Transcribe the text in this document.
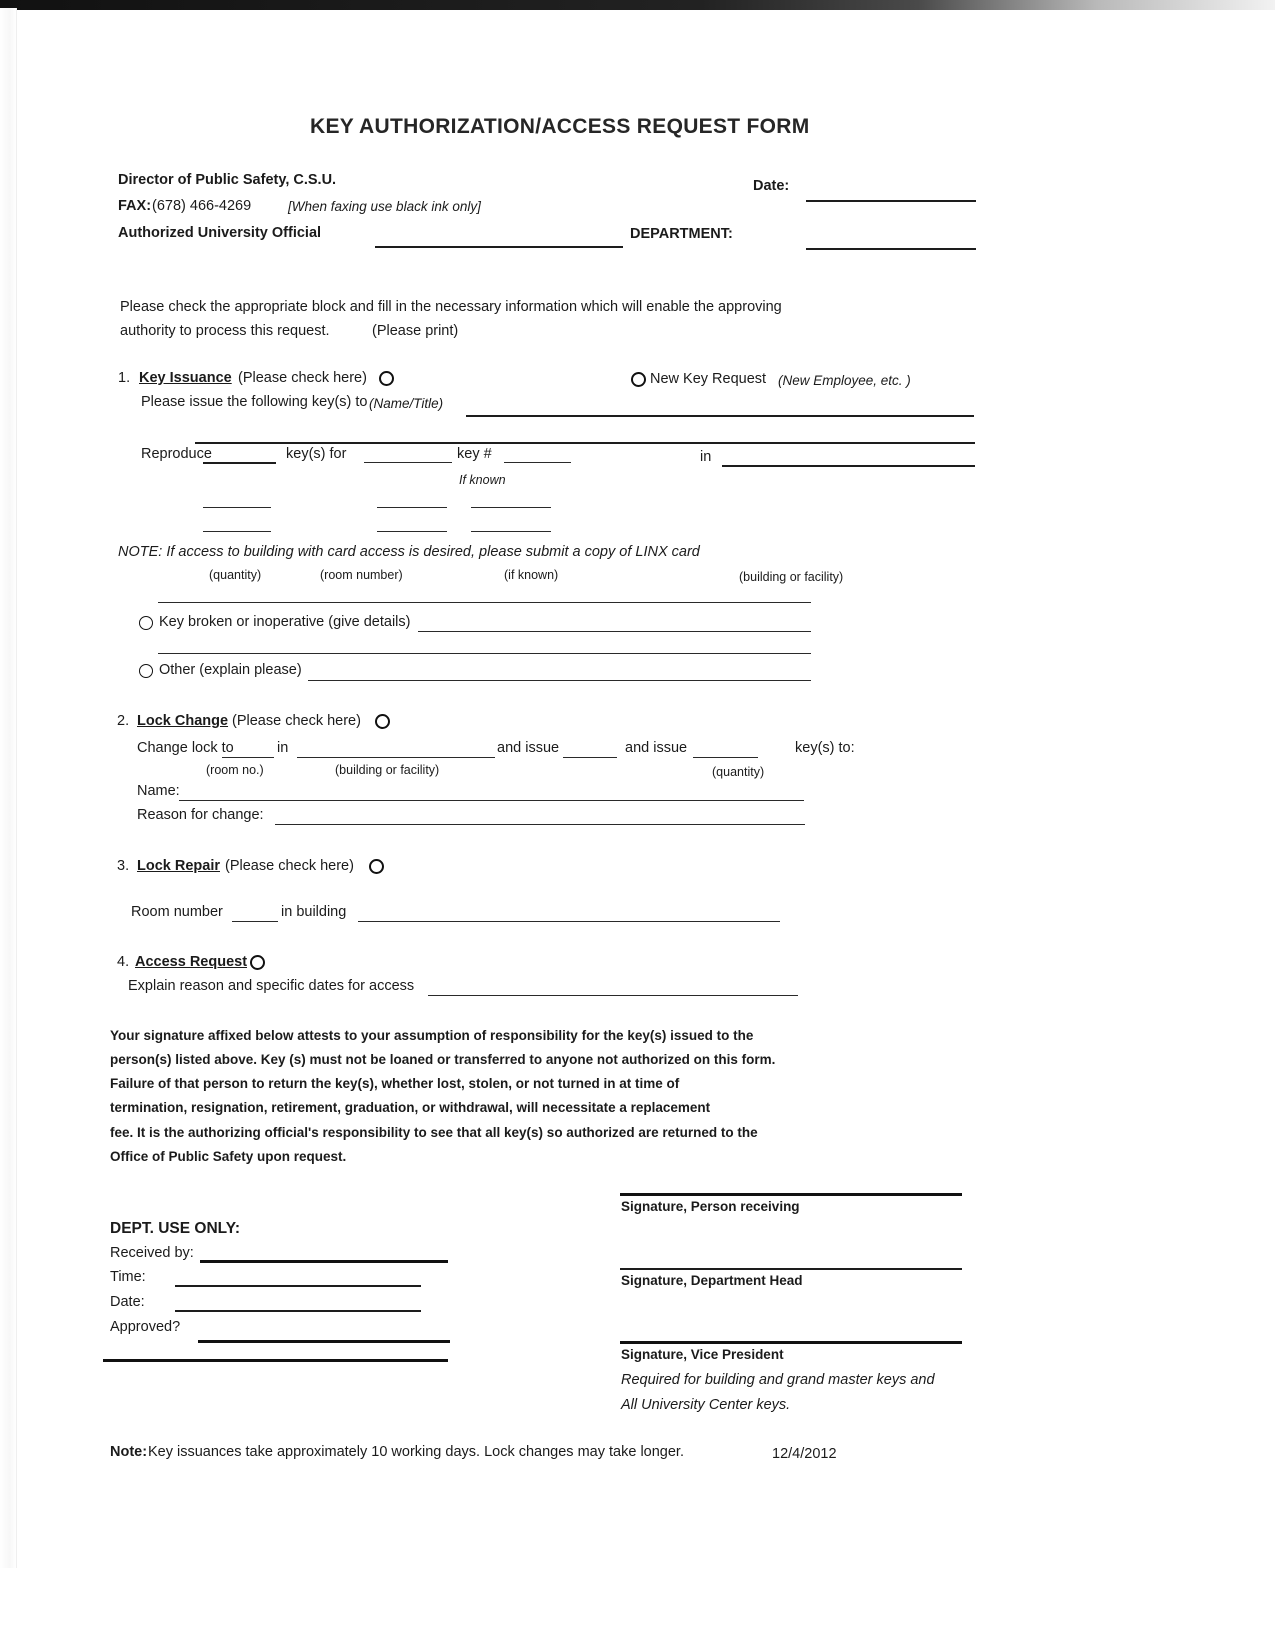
KEY AUTHORIZATION/ACCESS REQUEST FORM
Director of Public Safety, C.S.U.
FAX: (678) 466-4269	[When faxing use black ink only]
Authorized University Official
Date:
DEPARTMENT:
Please check the appropriate block and fill in the necessary information which will enable the approving
authority to process this request.	(Please print)
1. Key Issuance (Please check here)	New Key Request (New Employee, etc. )
Please issue the following key(s) to (Name/Title)
Reproduce	key(s) for	key #	in
If known
NOTE: If access to building with card access is desired, please submit a copy of LINX card
(quantity)	(room number)	(if known)	(building or facility)
Key broken or inoperative (give details)
Other (explain please)
2. Lock Change (Please check here)
Change lock to	in	and issue	and issue	key(s) to:
(room no.)	(building or facility)	(quantity)
Name:
Reason for change:
3. Lock Repair (Please check here)
Room number	in building
4. Access Request
Explain reason and specific dates for access
Your signature affixed below attests to your assumption of responsibility for the key(s) issued to the
person(s) listed above. Key (s) must not be loaned or transferred to anyone not authorized on this form.
Failure of that person to return the key(s), whether lost, stolen, or not turned in at time of
termination, resignation, retirement, graduation, or withdrawal, will necessitate a replacement
fee. It is the authorizing official's responsibility to see that all key(s) so authorized are returned to the
Office of Public Safety upon request.
Signature, Person receiving
Signature, Department Head
Signature, Vice President
Required for building and grand master keys and
All University Center keys.
DEPT. USE ONLY:
Received by:
Time:
Date:
Approved?
Note: Key issuances take approximately 10 working days. Lock changes may take longer.	12/4/2012
